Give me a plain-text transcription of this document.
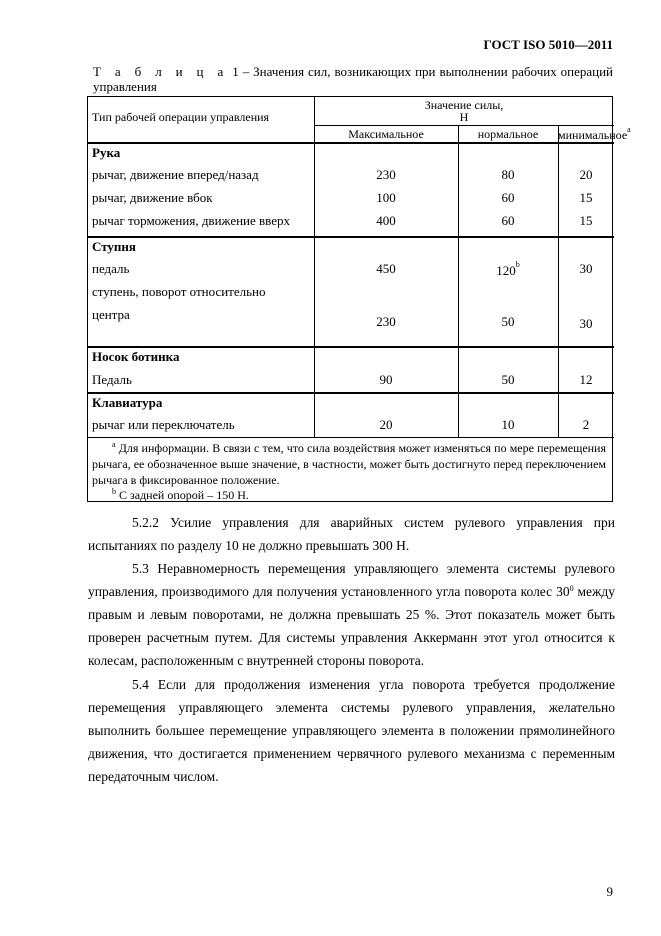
ГОСТ ISO 5010—2011
Т а б л и ц а 1 – Значения сил, возникающих при выполнении рабочих операций управления
Тип рабочей операции управления
Значение силы,
Н
Максимальное	нормальное	минимальное$^a$
Рука
рычаг, движение вперед/назад	230	80	20
рычаг, движение вбок	100	60	15
рычаг торможения, движение вверх	400	60	15
Ступня
педаль	450	120$^b$	30
ступень, поворот относительно
центра	230	50	30
Носок ботинка
Педаль	90	50	12
Клавиатура
рычаг или переключатель	20	10	2
$^a$ Для информации. В связи с тем, что сила воздействия может изменяться по мере перемещения рычага, ее обозначенное выше значение, в частности, может быть достигнуто перед переключением рычага в фиксированное положение.
$^b$ С задней опорой – 150 Н.
5.2.2 Усилие управления для аварийных систем рулевого управления при испытаниях по разделу 10 не должно превышать 300 Н.
5.3 Неравномерность перемещения управляющего элемента системы рулевого управления, производимого для получения установленного угла поворота колес $30^0$ между правым и левым поворотами, не должна превышать 25 %. Этот показатель может быть проверен расчетным путем. Для системы управления Аккерманн этот угол относится к колесам, расположенным с внутренней стороны поворота.
5.4 Если для продолжения изменения угла поворота требуется продолжение перемещения управляющего элемента системы рулевого управления, желательно выполнить большее перемещение управляющего элемента в положении прямолинейного движения, что достигается применением червячного рулевого механизма с переменным передаточным числом.
9
